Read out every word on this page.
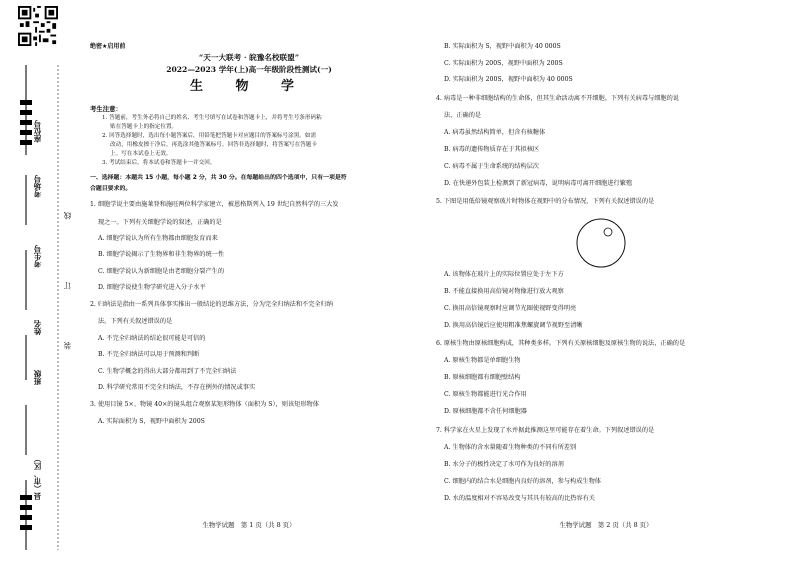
座位号
考场号
考生号
姓名
班级
县（市、区）
线
订
装
绝密★启用前
“天一大联考 · 皖豫名校联盟”
2022—2023 学年(上)高一年级阶段性测试(一)
生 物 学
考生注意：
1. 答题前，考生务必将自己的姓名、考生号填写在试卷和答题卡上，并将考生号条形码粘
贴在答题卡上的指定位置。
2. 回答选择题时，选出每小题答案后，用铅笔把答题卡对应题目的答案标号涂黑。如需
改动，用橡皮擦干净后，再选涂其他答案标号。回答非选择题时，将答案写在答题卡
上。写在本试卷上无效。
3. 考试结束后，将本试卷和答题卡一并交回。
一、选择题：本题共 15 小题，每小题 2 分，共 30 分。在每题给出的四个选项中，只有一项是符
合题目要求的。
1. 细胞学说主要由施莱登和施旺两位科学家建立，被恩格斯列入 19 世纪自然科学的三大发
现之一。下列有关细胞学说的叙述，正确的是
A. 细胞学说认为所有生物都由细胞发育而来
B. 细胞学说揭示了生物界和非生物界的统一性
C. 细胞学说认为新细胞是由老细胞分裂产生的
D. 细胞学说使生物学研究进入分子水平
2. 归纳法是指由一系列具体事实推出一般结论的思维方法，分为完全归纳法和不完全归纳
法。下列有关叙述错误的是
A. 不完全归纳法的结论很可能是可信的
B. 不完全归纳法可以用于预测和判断
C. 生物学概念的得出大部分都用到了不完全归纳法
D. 科学研究常用不完全归纳法，不存在例外的情况或事实
3. 使用目镜 5×、物镜 40×的镜头组合观察某矩形物体（面积为 S），则该矩形物体
A. 实际面积为 S，视野中面积为 200S
生物学试题　第 1 页（共 8 页）
B. 实际面积为 S，视野中面积为 40 000S
C. 实际面积为 200S，视野中面积为 200S
D. 实际面积为 200S，视野中面积为 40 000S
4. 病毒是一种非细胞结构的生命体，但其生命活动离不开细胞。下列有关病毒与细胞的说
法，正确的是
A. 病毒虽然结构简单，但含有核糖体
B. 病毒的遗传物质存在于其拟核区
C. 病毒不属于生命系统的结构层次
D. 在快递外包装上检测到了新冠病毒，说明病毒可离开细胞进行繁殖
5. 下图是用低倍镜观察玻片时物体在视野中的分布情况，下列有关叙述错误的是
A. 该物体在玻片上的实际位置应处于左下方
B. 不能直接换用高倍镜对物像进行放大观察
C. 换用高倍镜观察时应调节光圈使视野变得明亮
D. 换用高倍镜后应使用粗准焦螺旋调节视野至清晰
6. 原核生物由原核细胞构成，其种类多样。下列有关原核细胞及原核生物的说法，正确的是
A. 原核生物都是单细胞生物
B. 原核细胞都有细胞壁结构
C. 原核生物都能进行光合作用
D. 原核细胞都不含任何细胞器
7. 科学家在火星上发现了水并据此推测这里可能存在着生命。下列叙述错误的是
A. 生物体的含水量随着生物种类的不同有所差别
B. 水分子的极性决定了水可作为良好的溶剂
C. 细胞内的结合水是细胞内良好的溶剂，参与构成生物体
D. 水的温度相对不容易改变与其具有较高的比热容有关
生物学试题　第 2 页（共 8 页）
